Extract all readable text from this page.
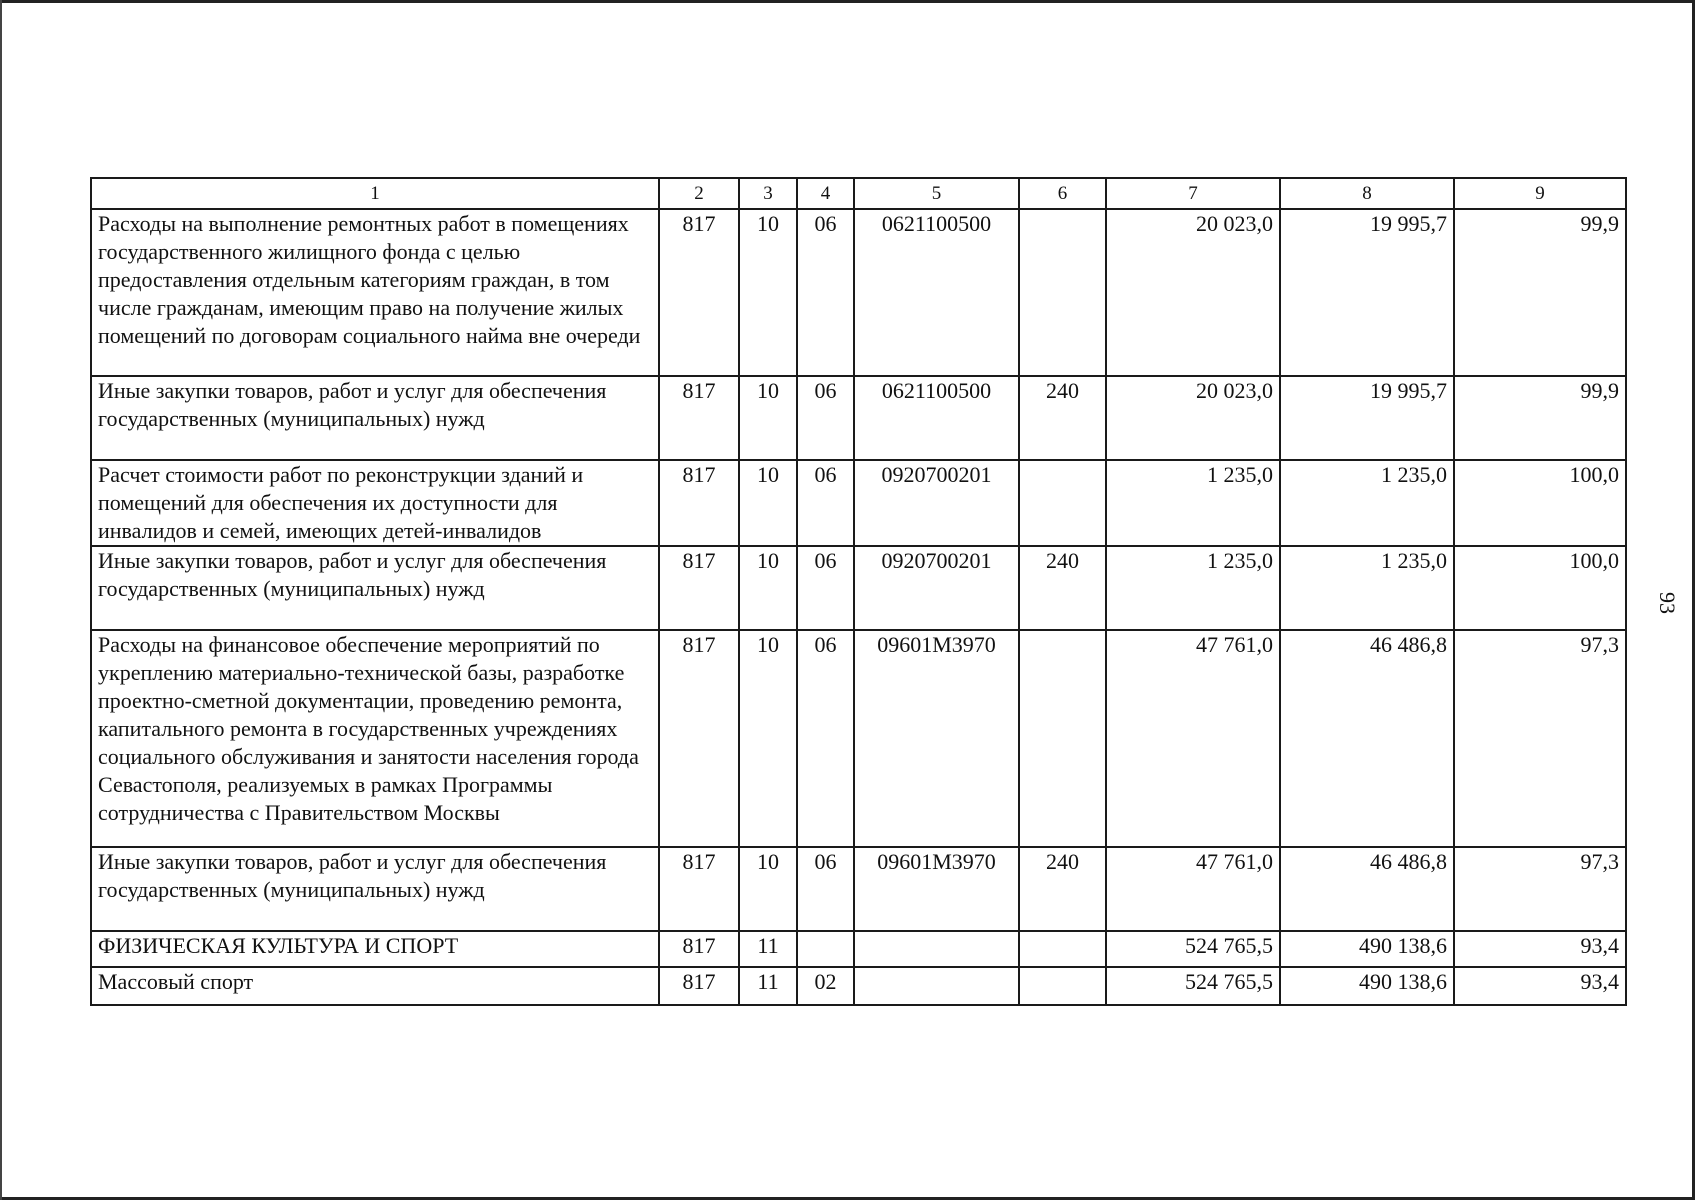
93
1	2	3	4	5	6	7	8	9
Расходы на выполнение ремонтных работ в помещениях государственного жилищного фонда с целью предоставления отдельным категориям граждан, в том числе гражданам, имеющим право на получение жилых помещений по договорам социального найма вне очереди	817	10	06	0621100500		20 023,0	19 995,7	99,9
Иные закупки товаров, работ и услуг для обеспечения государственных (муниципальных) нужд	817	10	06	0621100500	240	20 023,0	19 995,7	99,9
Расчет стоимости работ по реконструкции зданий и помещений для обеспечения их доступности для инвалидов и семей, имеющих детей-инвалидов	817	10	06	0920700201		1 235,0	1 235,0	100,0
Иные закупки товаров, работ и услуг для обеспечения государственных (муниципальных) нужд	817	10	06	0920700201	240	1 235,0	1 235,0	100,0
Расходы на финансовое обеспечение мероприятий по укреплению материально-технической базы, разработке проектно-сметной документации, проведению ремонта, капитального ремонта в государственных учреждениях социального обслуживания и занятости населения города Севастополя, реализуемых в рамках Программы сотрудничества с Правительством Москвы	817	10	06	09601М3970		47 761,0	46 486,8	97,3
Иные закупки товаров, работ и услуг для обеспечения государственных (муниципальных) нужд	817	10	06	09601М3970	240	47 761,0	46 486,8	97,3
ФИЗИЧЕСКАЯ КУЛЬТУРА И СПОРТ	817	11				524 765,5	490 138,6	93,4
Массовый спорт	817	11	02			524 765,5	490 138,6	93,4
